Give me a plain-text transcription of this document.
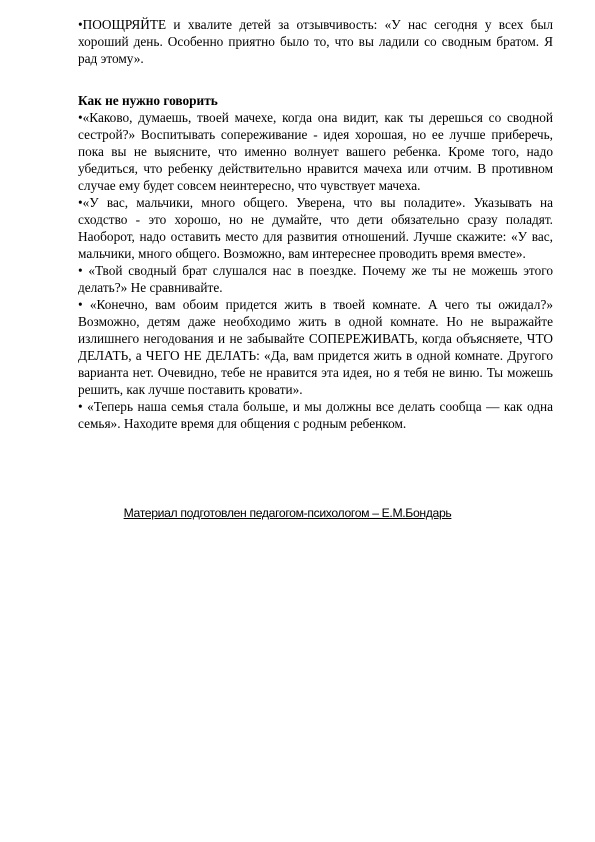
•ПООЩРЯЙТЕ и хвалите детей за отзывчивость: «У нас сегодня у всех был хороший день. Особенно приятно было то, что вы ладили со сводным братом. Я рад этому».

Как не нужно говорить

•«Каково, думаешь, твоей мачехе, когда она видит, как ты дерешься со сводной сестрой?» Воспитывать сопереживание - идея хорошая, но ее лучше приберечь, пока вы не выясните, что именно волнует вашего ребенка. Кроме того, надо убедиться, что ребенку действительно нравится мачеха или отчим. В противном случае ему будет совсем неинтересно, что чувствует мачеха.

•«У вас, мальчики, много общего. Уверена, что вы поладите». Указывать на сходство - это хорошо, но не думайте, что дети обязательно сразу поладят. Наоборот, надо оставить место для развития отношений. Лучше скажите: «У вас, мальчики, много общего. Возможно, вам интереснее проводить время вместе».

• «Твой сводный брат слушался нас в поездке. Почему же ты не можешь этого делать?» Не сравнивайте.

• «Конечно, вам обоим придется жить в твоей комнате. А чего ты ожидал?» Возможно, детям даже необходимо жить в одной комнате. Но не выражайте излишнего негодования и не забывайте СОПЕРЕЖИВАТЬ, когда объясняете, ЧТО ДЕЛАТЬ, а ЧЕГО НЕ ДЕЛАТЬ: «Да, вам придется жить в одной комнате. Другого варианта нет. Очевидно, тебе не нравится эта идея, но я тебя не виню. Ты можешь решить, как лучше поставить кровати».

• «Теперь наша семья стала больше, и мы должны все делать сообща — как одна семья». Находите время для общения с родным ребенком.

Материал подготовлен педагогом-психологом – Е.М.Бондарь
